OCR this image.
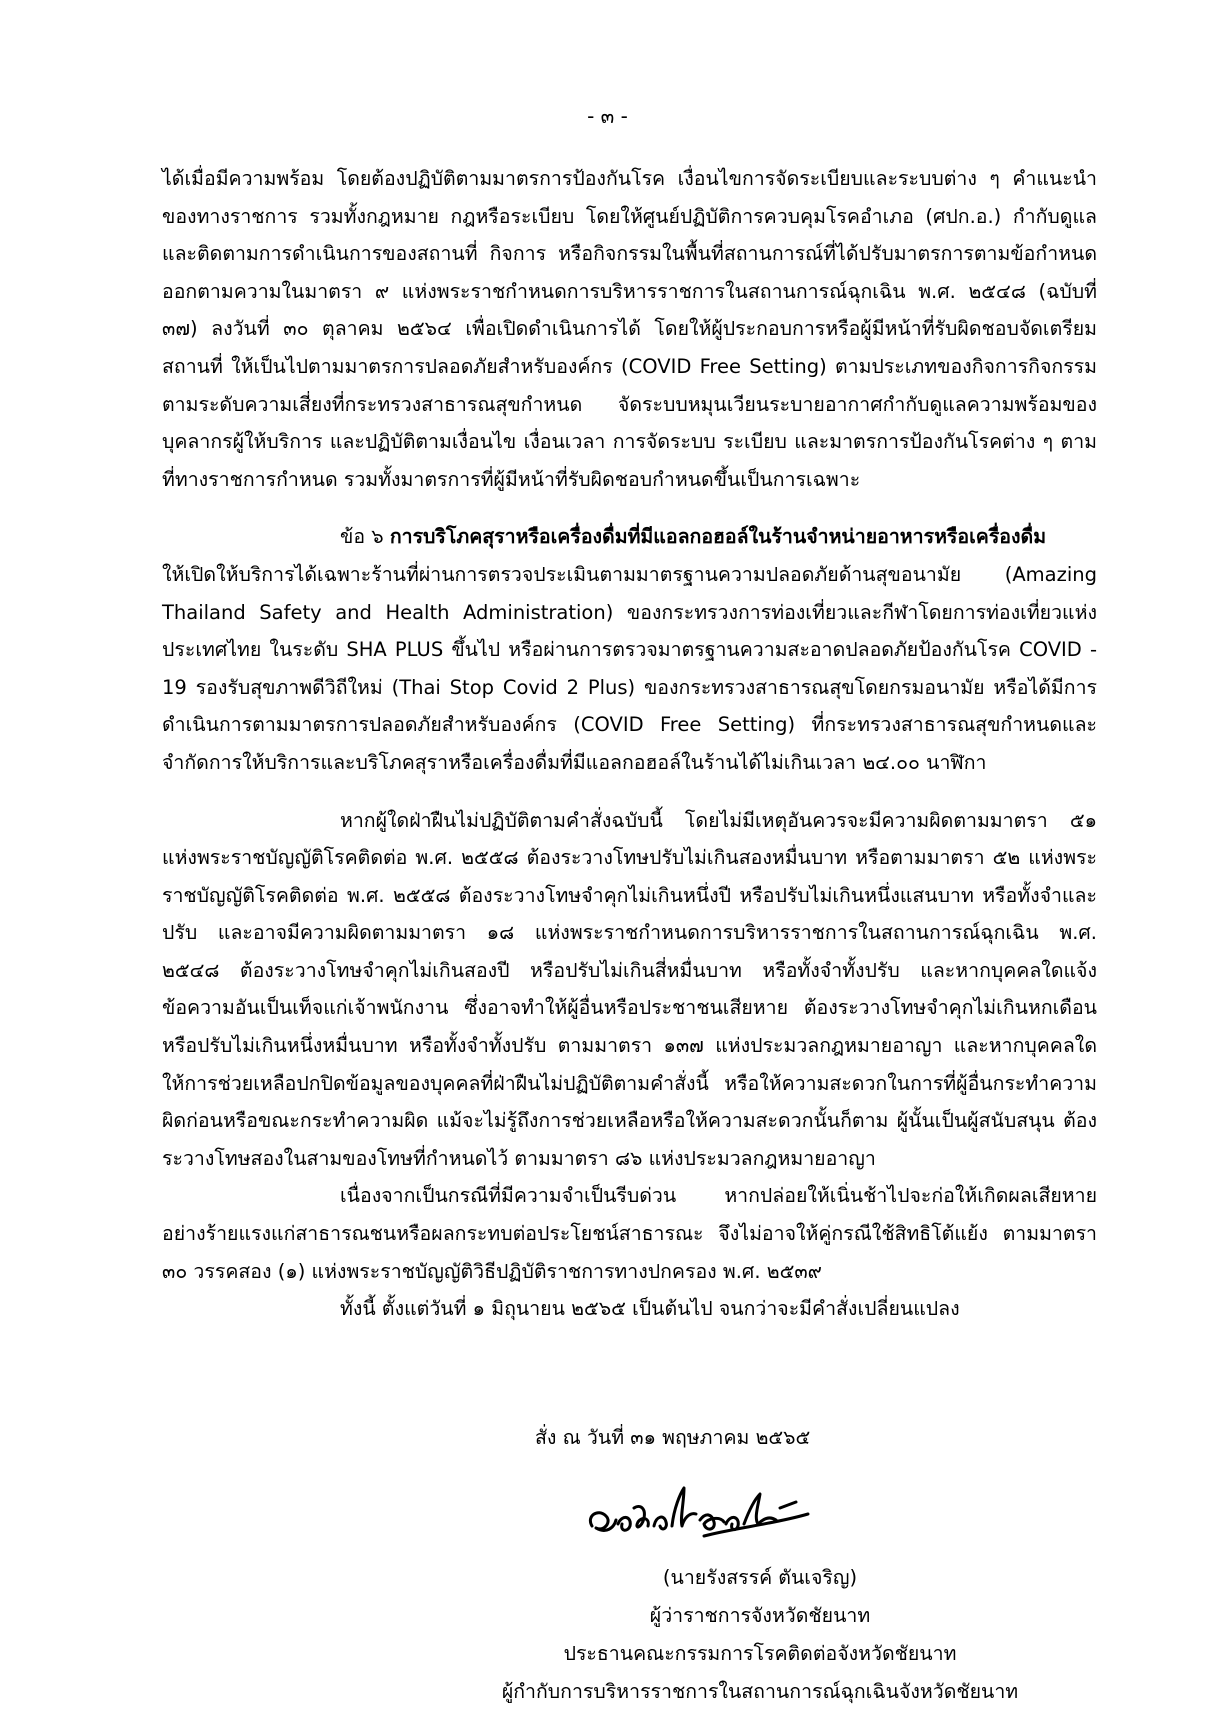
- ๓ -

ได้เมื่อมีความพร้อม โดยต้องปฏิบัติตามมาตรการป้องกันโรค เงื่อนไขการจัดระเบียบและระบบต่าง ๆ คำแนะนำของทางราชการ รวมทั้งกฎหมาย กฎหรือระเบียบ โดยให้ศูนย์ปฏิบัติการควบคุมโรคอำเภอ (ศปก.อ.) กำกับดูแล และติดตามการดำเนินการของสถานที่ กิจการ หรือกิจกรรมในพื้นที่สถานการณ์ที่ได้ปรับมาตรการตามข้อกำหนด ออกตามความในมาตรา ๙ แห่งพระราชกำหนดการบริหารราชการในสถานการณ์ฉุกเฉิน พ.ศ. ๒๕๔๘ (ฉบับที่ ๓๗) ลงวันที่ ๓๐ ตุลาคม ๒๕๖๔ เพื่อเปิดดำเนินการได้ โดยให้ผู้ประกอบการหรือผู้มีหน้าที่รับผิดชอบจัดเตรียมสถานที่ ให้เป็นไปตามมาตรการปลอดภัยสำหรับองค์กร (COVID Free Setting) ตามประเภทของกิจการกิจกรรมตามระดับความเสี่ยงที่กระทรวงสาธารณสุขกำหนด จัดระบบหมุนเวียนระบายอากาศกำกับดูแลความพร้อมของบุคลากรผู้ให้บริการ และปฏิบัติตามเงื่อนไข เงื่อนเวลา การจัดระบบ ระเบียบ และมาตรการป้องกันโรคต่าง ๆ ตามที่ทางราชการกำหนด รวมทั้งมาตรการที่ผู้มีหน้าที่รับผิดชอบกำหนดขึ้นเป็นการเฉพาะ

ข้อ ๖ การบริโภคสุราหรือเครื่องดื่มที่มีแอลกอฮอล์ในร้านจำหน่ายอาหารหรือเครื่องดื่ม

ให้เปิดให้บริการได้เฉพาะร้านที่ผ่านการตรวจประเมินตามมาตรฐานความปลอดภัยด้านสุขอนามัย (Amazing Thailand Safety and Health Administration) ของกระทรวงการท่องเที่ยวและกีฬาโดยการท่องเที่ยวแห่งประเทศไทย ในระดับ SHA PLUS ขึ้นไป หรือผ่านการตรวจมาตรฐานความสะอาดปลอดภัยป้องกันโรค COVID - 19 รองรับสุขภาพดีวิถีใหม่ (Thai Stop Covid 2 Plus) ของกระทรวงสาธารณสุขโดยกรมอนามัย หรือได้มีการดำเนินการตามมาตรการปลอดภัยสำหรับองค์กร (COVID Free Setting) ที่กระทรวงสาธารณสุขกำหนดและจำกัดการให้บริการและบริโภคสุราหรือเครื่องดื่มที่มีแอลกอฮอล์ในร้านได้ไม่เกินเวลา ๒๔.๐๐ นาฬิกา

หากผู้ใดฝ่าฝืนไม่ปฏิบัติตามคำสั่งฉบับนี้ โดยไม่มีเหตุอันควรจะมีความผิดตามมาตรา ๕๑ แห่งพระราชบัญญัติโรคติดต่อ พ.ศ. ๒๕๕๘ ต้องระวางโทษปรับไม่เกินสองหมื่นบาท หรือตามมาตรา ๕๒ แห่งพระราชบัญญัติโรคติดต่อ พ.ศ. ๒๕๕๘ ต้องระวางโทษจำคุกไม่เกินหนึ่งปี หรือปรับไม่เกินหนึ่งแสนบาท หรือทั้งจำและปรับ และอาจมีความผิดตามมาตรา ๑๘ แห่งพระราชกำหนดการบริหารราชการในสถานการณ์ฉุกเฉิน พ.ศ. ๒๕๔๘ ต้องระวางโทษจำคุกไม่เกินสองปี หรือปรับไม่เกินสี่หมื่นบาท หรือทั้งจำทั้งปรับ และหากบุคคลใดแจ้งข้อความอันเป็นเท็จแก่เจ้าพนักงาน ซึ่งอาจทำให้ผู้อื่นหรือประชาชนเสียหาย ต้องระวางโทษจำคุกไม่เกินหกเดือน หรือปรับไม่เกินหนึ่งหมื่นบาท หรือทั้งจำทั้งปรับ ตามมาตรา ๑๓๗ แห่งประมวลกฎหมายอาญา และหากบุคคลใดให้การช่วยเหลือปกปิดข้อมูลของบุคคลที่ฝ่าฝืนไม่ปฏิบัติตามคำสั่งนี้ หรือให้ความสะดวกในการที่ผู้อื่นกระทำความผิดก่อนหรือขณะกระทำความผิด แม้จะไม่รู้ถึงการช่วยเหลือหรือให้ความสะดวกนั้นก็ตาม ผู้นั้นเป็นผู้สนับสนุน ต้องระวางโทษสองในสามของโทษที่กำหนดไว้ ตามมาตรา ๘๖ แห่งประมวลกฎหมายอาญา

เนื่องจากเป็นกรณีที่มีความจำเป็นรีบด่วน หากปล่อยให้เนิ่นช้าไปจะก่อให้เกิดผลเสียหายอย่างร้ายแรงแก่สาธารณชนหรือผลกระทบต่อประโยชน์สาธารณะ จึงไม่อาจให้คู่กรณีใช้สิทธิโต้แย้ง ตามมาตรา ๓๐ วรรคสอง (๑) แห่งพระราชบัญญัติวิธีปฏิบัติราชการทางปกครอง พ.ศ. ๒๕๓๙

ทั้งนี้ ตั้งแต่วันที่ ๑ มิถุนายน ๒๕๖๕ เป็นต้นไป จนกว่าจะมีคำสั่งเปลี่ยนแปลง

สั่ง ณ วันที่ ๓๑ พฤษภาคม ๒๕๖๕
(นายรังสรรค์ ตันเจริญ)
ผู้ว่าราชการจังหวัดชัยนาท
ประธานคณะกรรมการโรคติดต่อจังหวัดชัยนาท
ผู้กำกับการบริหารราชการในสถานการณ์ฉุกเฉินจังหวัดชัยนาท
